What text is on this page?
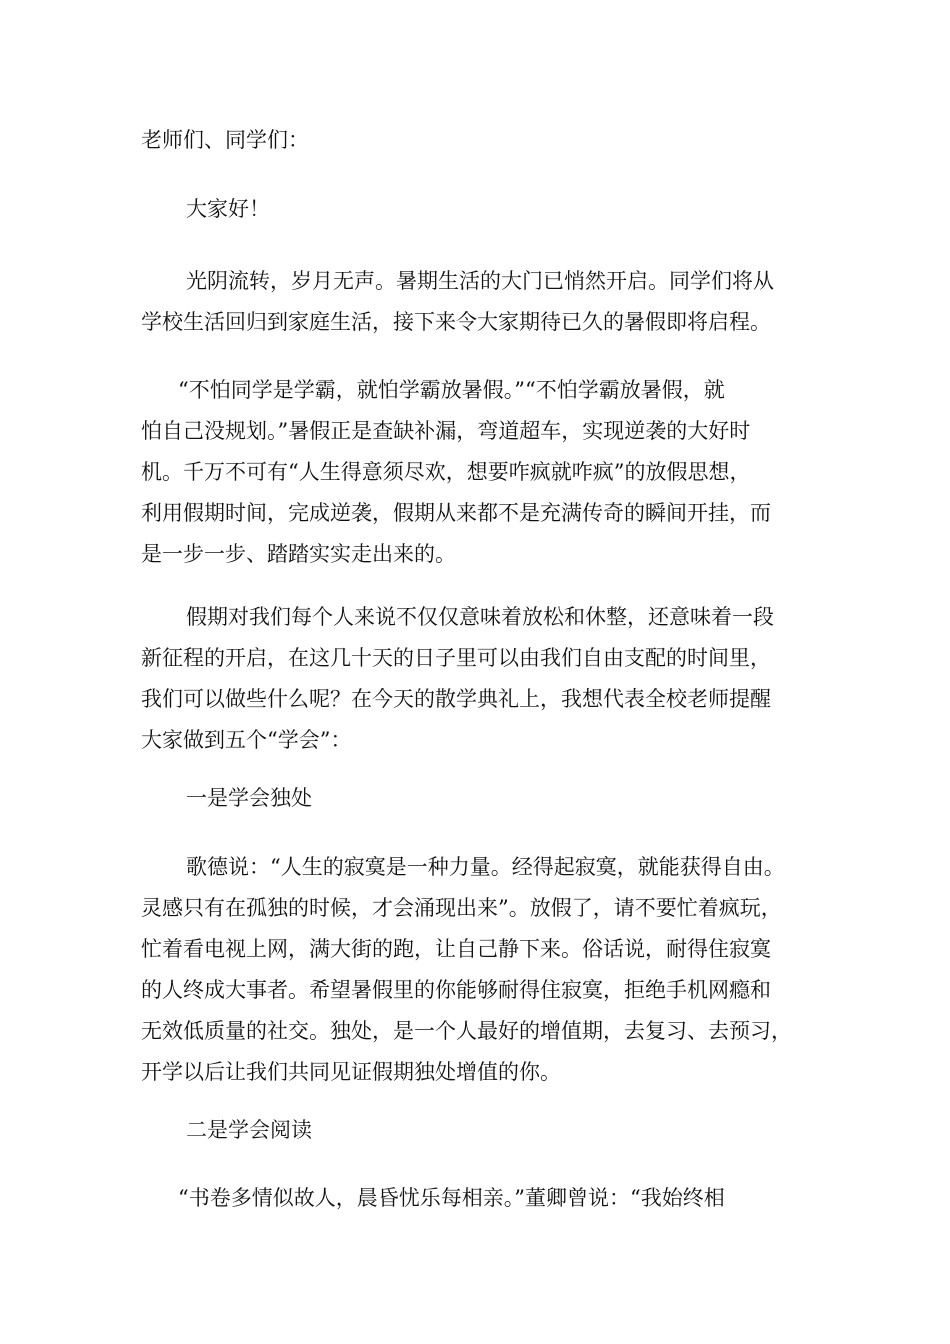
老师们、同学们：

大家好！

光阴流转，岁月无声。暑期生活的大门已悄然开启。同学们将从
学校生活回归到家庭生活，接下来令大家期待已久的暑假即将启程。

“不怕同学是学霸，就怕学霸放暑假。”“不怕学霸放暑假，就
怕自己没规划。”暑假正是查缺补漏，弯道超车，实现逆袭的大好时
机。千万不可有“人生得意须尽欢，想要咋疯就咋疯”的放假思想，
利用假期时间，完成逆袭，假期从来都不是充满传奇的瞬间开挂，而
是一步一步、踏踏实实走出来的。

假期对我们每个人来说不仅仅意味着放松和休整，还意味着一段
新征程的开启，在这几十天的日子里可以由我们自由支配的时间里，
我们可以做些什么呢？在今天的散学典礼上，我想代表全校老师提醒
大家做到五个“学会”：

一是学会独处

歌德说：“人生的寂寞是一种力量。经得起寂寞，就能获得自由。
灵感只有在孤独的时候，才会涌现出来”。放假了，请不要忙着疯玩，
忙着看电视上网，满大街的跑，让自己静下来。俗话说，耐得住寂寞
的人终成大事者。希望暑假里的你能够耐得住寂寞，拒绝手机网瘾和
无效低质量的社交。独处，是一个人最好的增值期，去复习、去预习，
开学以后让我们共同见证假期独处增值的你。

二是学会阅读

“书卷多情似故人，晨昏忧乐每相亲。”董卿曾说：“我始终相
